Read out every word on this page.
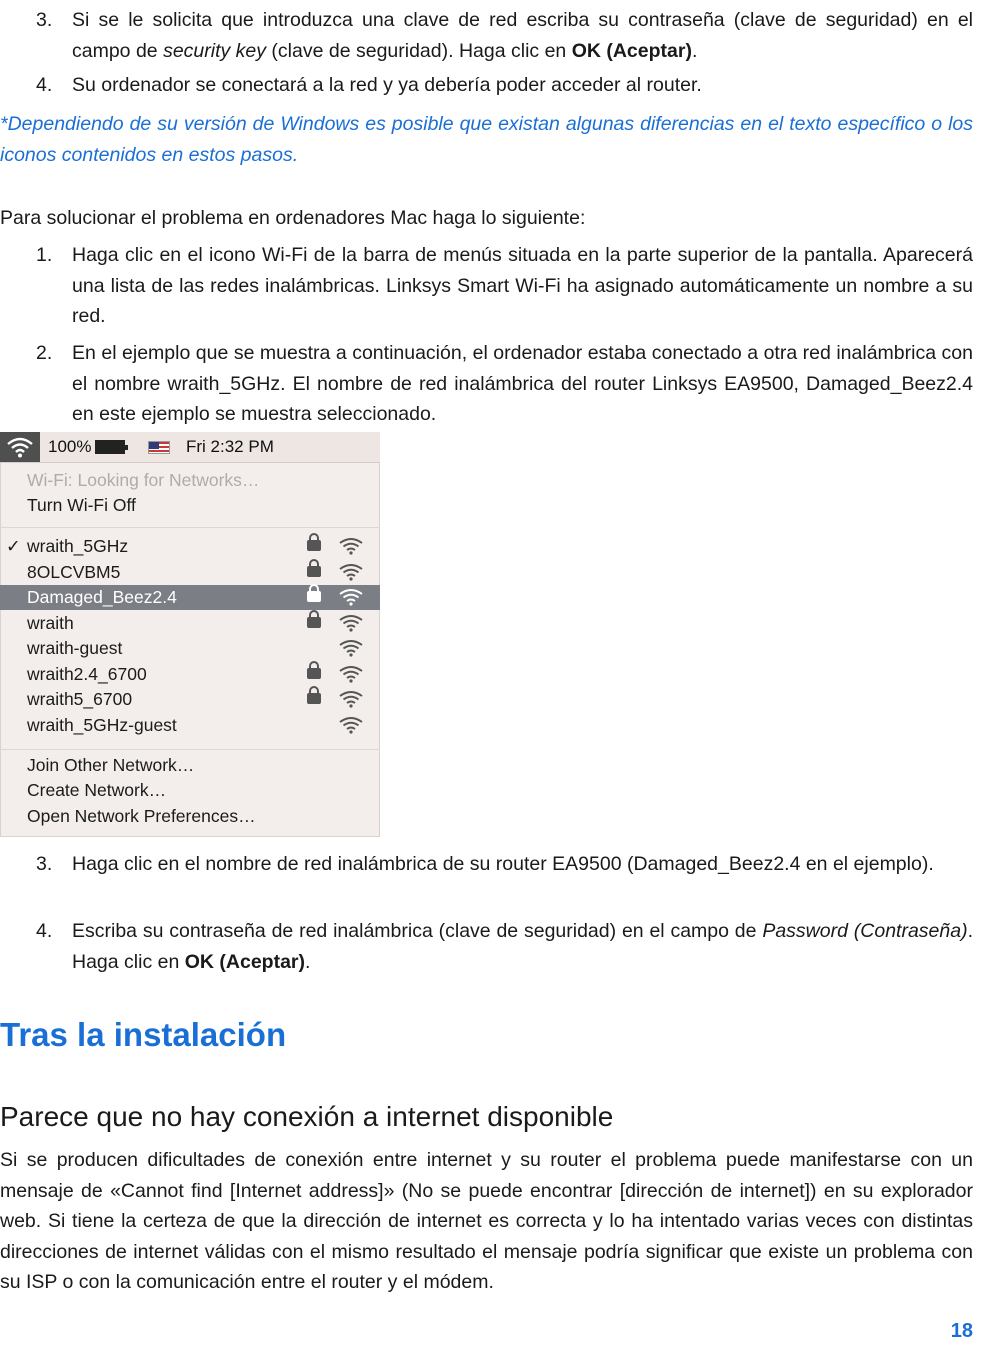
3.	Si se le solicita que introduzca una clave de red escriba su contraseña (clave de seguridad) en el campo de security key (clave de seguridad). Haga clic en OK (Aceptar).
4.	Su ordenador se conectará a la red y ya debería poder acceder al router.

*Dependiendo de su versión de Windows es posible que existan algunas diferencias en el texto específico o los iconos contenidos en estos pasos.

Para solucionar el problema en ordenadores Mac haga lo siguiente:

1.	Haga clic en el icono Wi-Fi de la barra de menús situada en la parte superior de la pantalla. Aparecerá una lista de las redes inalámbricas. Linksys Smart Wi-Fi ha asignado automáticamente un nombre a su red.
2.	En el ejemplo que se muestra a continuación, el ordenador estaba conectado a otra red inalámbrica con el nombre wraith_5GHz. El nombre de red inalámbrica del router Linksys EA9500, Damaged_Beez2.4 en este ejemplo se muestra seleccionado.
100%	Fri 2:32 PM
Wi-Fi: Looking for Networks…
Turn Wi-Fi Off
✓ wraith_5GHz
8OLCVBM5
Damaged_Beez2.4
wraith
wraith-guest
wraith2.4_6700
wraith5_6700
wraith_5GHz-guest
Join Other Network…
Create Network…
Open Network Preferences…
3.	Haga clic en el nombre de red inalámbrica de su router EA9500 (Damaged_Beez2.4 en el ejemplo).
4.	Escriba su contraseña de red inalámbrica (clave de seguridad) en el campo de Password (Contraseña). Haga clic en OK (Aceptar).
Tras la instalación
Parece que no hay conexión a internet disponible

Si se producen dificultades de conexión entre internet y su router el problema puede manifestarse con un mensaje de «Cannot find [Internet address]» (No se puede encontrar [dirección de internet]) en su explorador web. Si tiene la certeza de que la dirección de internet es correcta y lo ha intentado varias veces con distintas direcciones de internet válidas con el mismo resultado el mensaje podría significar que existe un problema con su ISP o con la comunicación entre el router y el módem.

18
